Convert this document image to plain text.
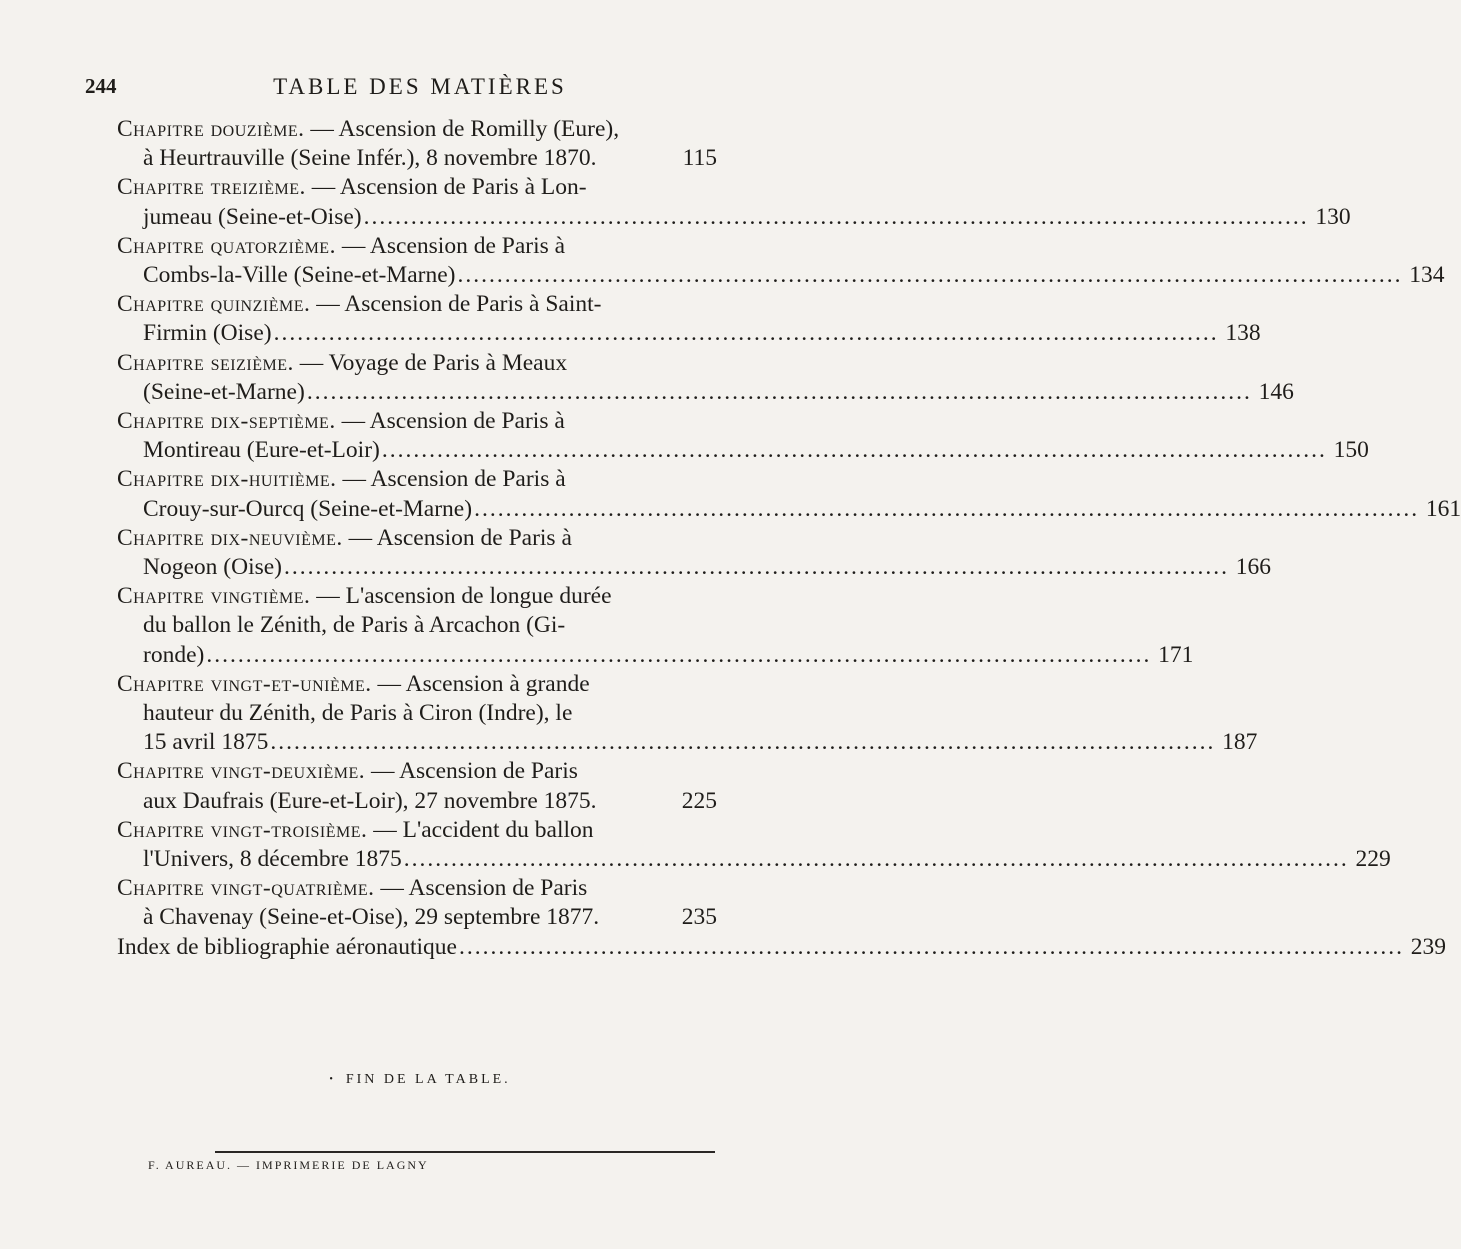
244	TABLE DES MATIÈRES
Chapitre douzième. — Ascension de Romilly (Eure),
à Heurtrauville (Seine Infér.), 8 novembre 1870.	115
Chapitre treizième. — Ascension de Paris à Lon-
jumeau (Seine-et-Oise) ........................................................................................................................ 130
Chapitre quatorzième. — Ascension de Paris à
Combs-la-Ville (Seine-et-Marne) ........................................................................................................................ 134
Chapitre quinzième. — Ascension de Paris à Saint-
Firmin (Oise) ........................................................................................................................ 138
Chapitre seizième. — Voyage de Paris à Meaux
(Seine-et-Marne) ........................................................................................................................ 146
Chapitre dix-septième. — Ascension de Paris à
Montireau (Eure-et-Loir) ........................................................................................................................ 150
Chapitre dix-huitième. — Ascension de Paris à
Crouy-sur-Ourcq (Seine-et-Marne) ........................................................................................................................ 161
Chapitre dix-neuvième. — Ascension de Paris à
Nogeon (Oise) ........................................................................................................................ 166
Chapitre vingtième. — L'ascension de longue durée
du ballon le Zénith, de Paris à Arcachon (Gi-
ronde) ........................................................................................................................ 171
Chapitre vingt-et-unième. — Ascension à grande
hauteur du Zénith, de Paris à Ciron (Indre), le
15 avril 1875 ........................................................................................................................ 187
Chapitre vingt-deuxième. — Ascension de Paris
aux Daufrais (Eure-et-Loir), 27 novembre 1875.	225
Chapitre vingt-troisième. — L'accident du ballon
l'Univers, 8 décembre 1875 ........................................................................................................................ 229
Chapitre vingt-quatrième. — Ascension de Paris
à Chavenay (Seine-et-Oise), 29 septembre 1877.	235
Index de bibliographie aéronautique ........................................................................................................................ 239
• FIN DE LA TABLE.
F. AUREAU. — IMPRIMERIE DE LAGNY
